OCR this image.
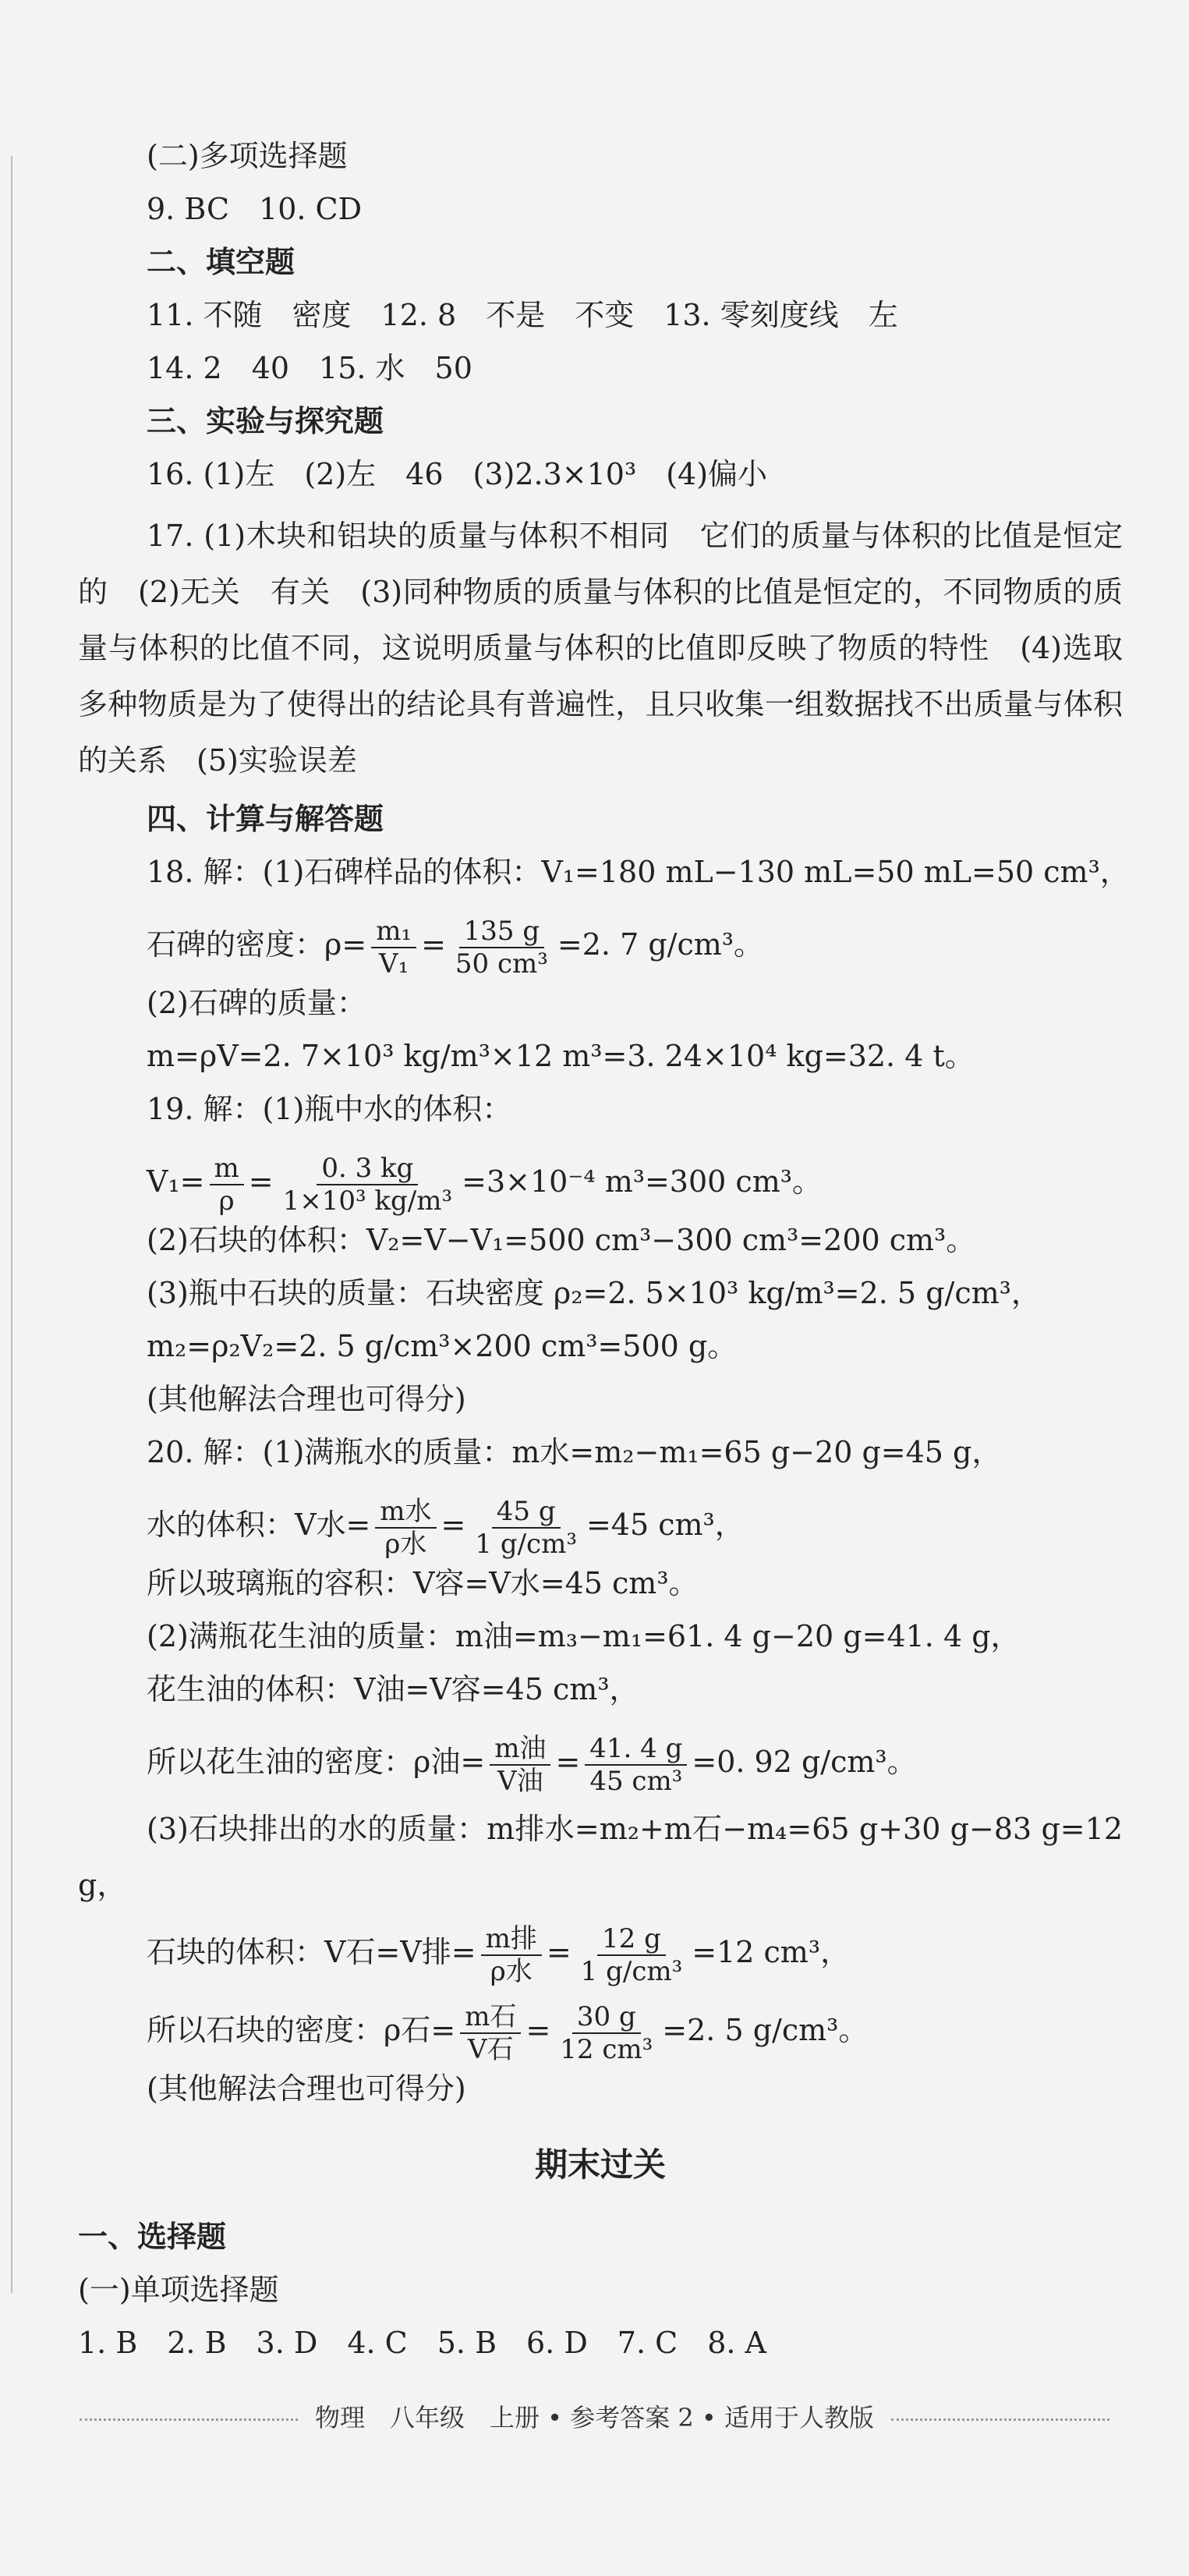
(二)多项选择题
9. BC　10. CD
二、填空题
11. 不随　密度　12. 8　不是　不变　13. 零刻度线　左
14. 2　40　15. 水　50
三、实验与探究题
16. (1)左　(2)左　46　(3)2.3×10³　(4)偏小
17. (1)木块和铝块的质量与体积不相同　它们的质量与体积的比值是恒定的　(2)无关　有关　(3)同种物质的质量与体积的比值是恒定的，不同物质的质量与体积的比值不同，这说明质量与体积的比值即反映了物质的特性　(4)选取多种物质是为了使得出的结论具有普遍性，且只收集一组数据找不出质量与体积的关系　(5)实验误差
四、计算与解答题
18. 解：(1)石碑样品的体积：V₁=180 mL−130 mL=50 mL=50 cm³，
石碑的密度：$\rho= \frac{\text{m₁}}{\text{V₁}} = \frac{135 g}{\text{50 cm³}} =2$. 7 g/cm³。
(2)石碑的质量：
m=ρV=2. 7×10³ kg/m³×12 m³=3. 24×10⁴ kg=32. 4 t。
19. 解：(1)瓶中水的体积：
$V_1= \frac{m}{\rho} = \frac{0. 3 kg}{\text{1×10³ kg/m³}} =3\times 10^{-4}$ m³=300 cm³。
(2)石块的体积：V₂=V−V₁=500 cm³−300 cm³=200 cm³。
(3)瓶中石块的质量：石块密度 ρ₂=2. 5×10³ kg/m³=2. 5 g/cm³，
m₂=ρ₂V₂=2. 5 g/cm³×200 cm³=500 g。
(其他解法合理也可得分)
20. 解：(1)满瓶水的质量：m水=m₂−m₁=65 g−20 g=45 g，
水的体积：V水= $\frac{\text{m水}}{\text{ρ水}} = \frac{45 g}{\text{1 g/cm³}} =45$ cm³，
所以玻璃瓶的容积：V容=V水=45 cm³。
(2)满瓶花生油的质量：m油=m₃−m₁=61. 4 g−20 g=41. 4 g，
花生油的体积：V油=V容=45 cm³，
所以花生油的密度：ρ油= $\frac{\text{m油}}{\text{V油}} = \frac{41. 4 g}{\text{45 cm³}} =0$. 92 g/cm³。
(3)石块排出的水的质量：m排水=m₂+m石−m₄=65 g+30 g−83 g=12 g，
石块的体积：V石=V排= $\frac{\text{m排}}{\text{ρ水}} = \frac{12 g}{\text{1 g/cm³}} =12$ cm³，
所以石块的密度：ρ石= $\frac{\text{m石}}{\text{V石}} = \frac{30 g}{\text{12 cm³}} =2$. 5 g/cm³。
(其他解法合理也可得分)
期末过关
一、选择题
(一)单项选择题
1. B　2. B　3. D　4. C　5. B　6. D　7. C　8. A
物理　八年级　上册 • 参考答案 2 • 适用于人教版
